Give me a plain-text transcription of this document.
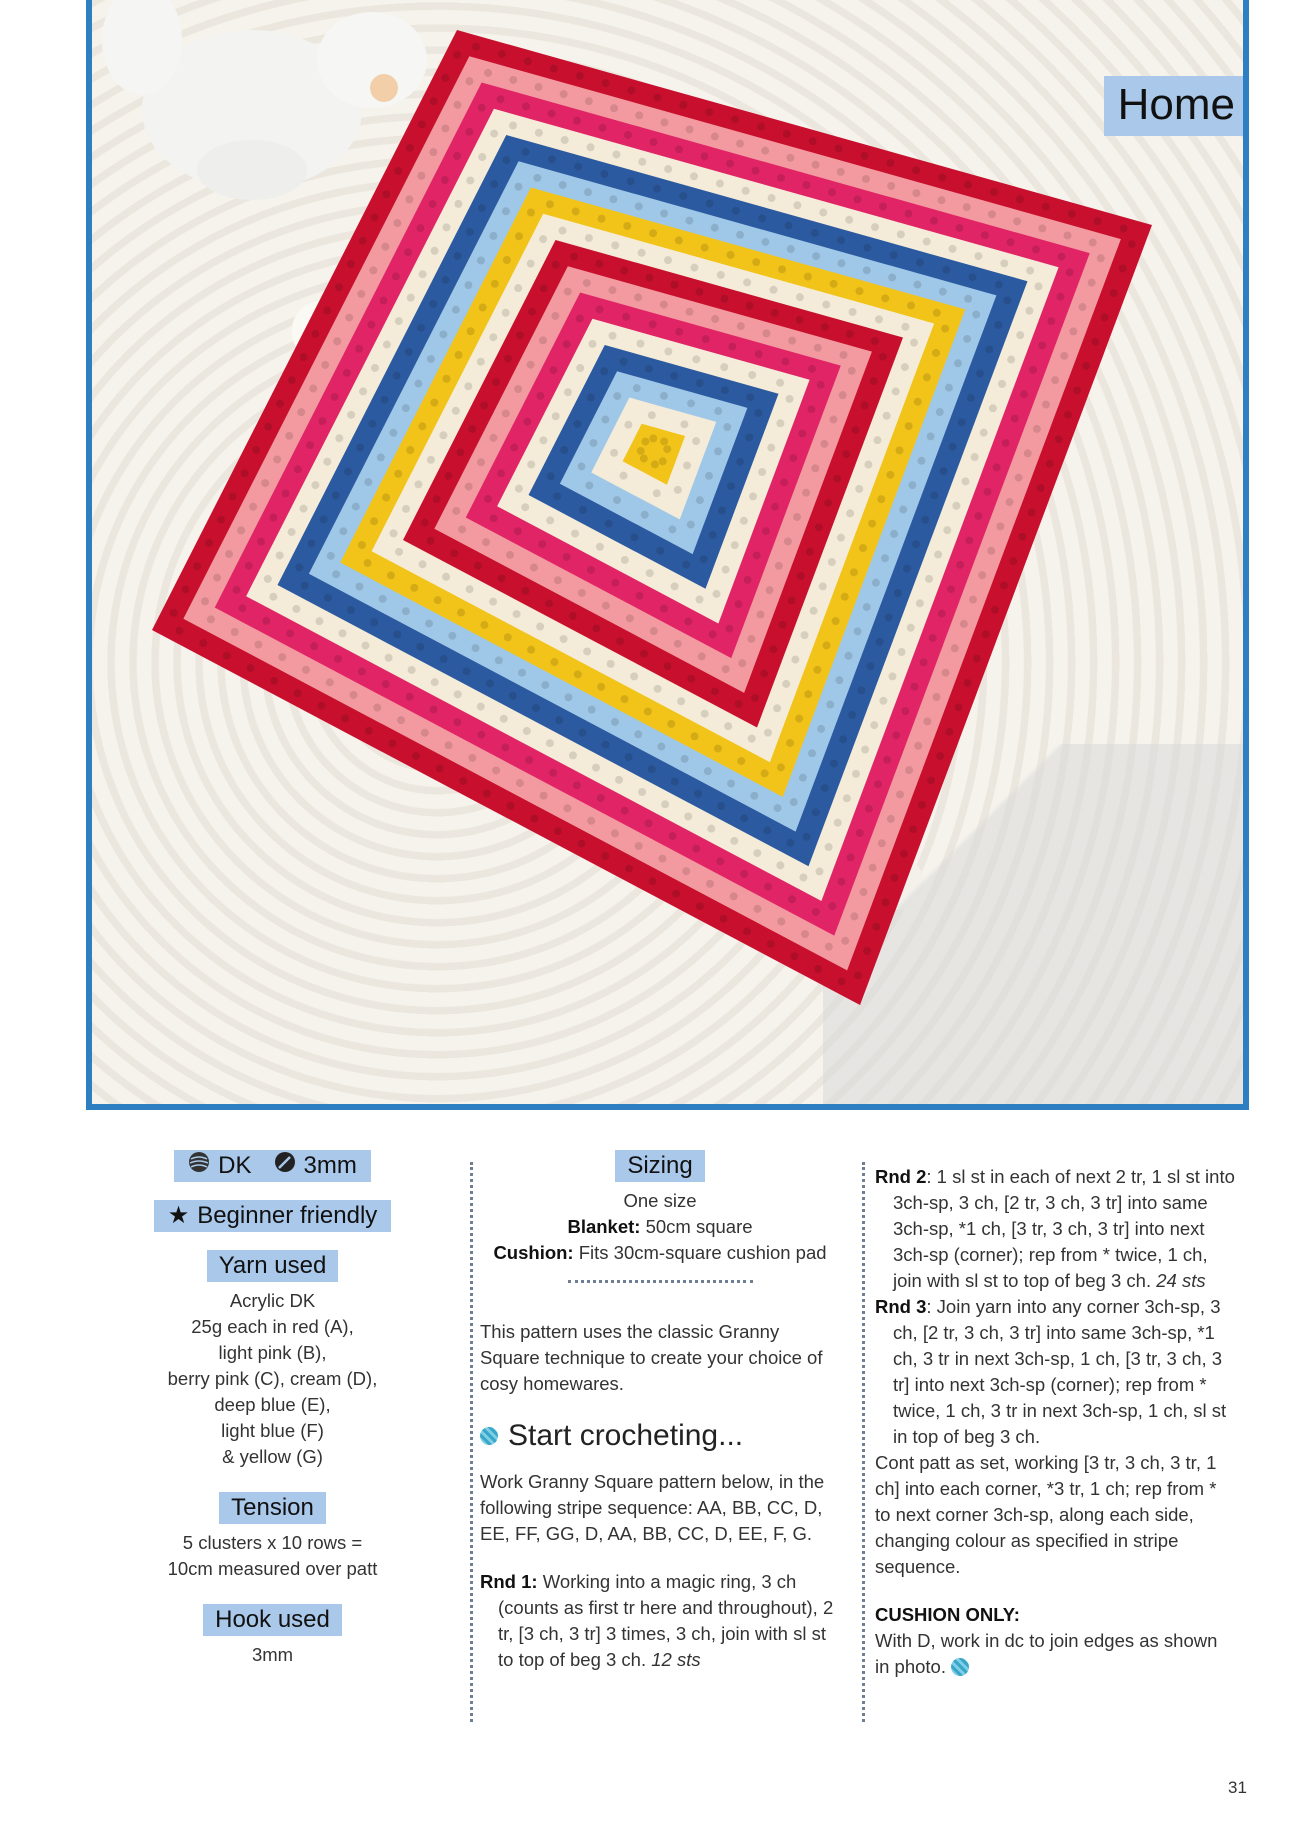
Home
DK 3mm
★ Beginner friendly
Yarn used
Acrylic DK
25g each in red (A),
light pink (B),
berry pink (C), cream (D),
deep blue (E),
light blue (F)
& yellow (G)
Tension
5 clusters x 10 rows =
10cm measured over patt
Hook used
3mm
Sizing

One size

Blanket: 50cm square

Cushion: Fits 30cm-square cushion pad

This pattern uses the classic Granny Square technique to create your choice of cosy homewares.

Start crocheting...

Work Granny Square pattern below, in the following stripe sequence: AA, BB, CC, D, EE, FF, GG, D, AA, BB, CC, D, EE, F, G.

Rnd 1: Working into a magic ring, 3 ch (counts as first tr here and throughout), 2 tr, [3 ch, 3 tr] 3 times, 3 ch, join with sl st to top of beg 3 ch. 12 sts

Rnd 2: 1 sl st in each of next 2 tr, 1 sl st into 3ch-sp, 3 ch, [2 tr, 3 ch, 3 tr] into same 3ch-sp, *1 ch, [3 tr, 3 ch, 3 tr] into next 3ch-sp (corner); rep from * twice, 1 ch, join with sl st to top of beg 3 ch. 24 sts

Rnd 3: Join yarn into any corner 3ch-sp, 3 ch, [2 tr, 3 ch, 3 tr] into same 3ch-sp, *1 ch, 3 tr in next 3ch-sp, 1 ch, [3 tr, 3 ch, 3 tr] into next 3ch-sp (corner); rep from * twice, 1 ch, 3 tr in next 3ch-sp, 1 ch, sl st in top of beg 3 ch.

Cont patt as set, working [3 tr, 3 ch, 3 tr, 1 ch] into each corner, *3 tr, 1 ch; rep from * to next corner 3ch-sp, along each side, changing colour as specified in stripe sequence.

CUSHION ONLY:

With D, work in dc to join edges as shown in photo.

31
